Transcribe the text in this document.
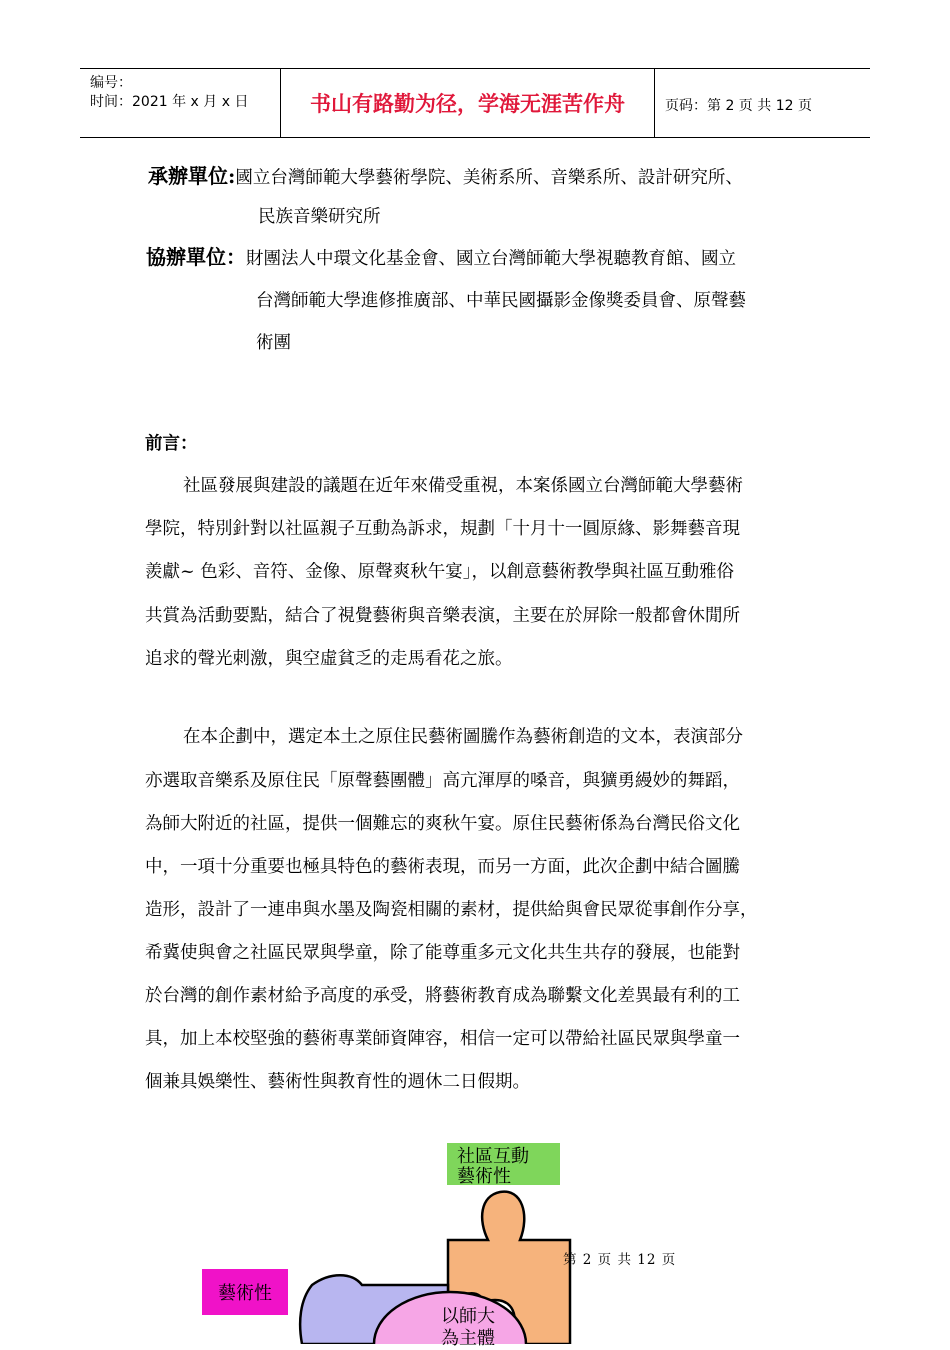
编号：
时间：2021 年 x 月 x 日	书山有路勤为径，学海无涯苦作舟	页码：第 2 页 共 12 页
承辦單位:國立台灣師範大學藝術學院、美術系所、音樂系所、設計研究所、
民族音樂研究所
協辦單位：財團法人中環文化基金會、國立台灣師範大學視聽教育館、國立
台灣師範大學進修推廣部、中華民國攝影金像獎委員會、原聲藝
術團
前言：
社區發展與建設的議題在近年來備受重視，本案係國立台灣師範大學藝術
學院，特別針對以社區親子互動為訴求，規劃「十月十一圓原緣、影舞藝音現
羨獻~ 色彩、音符、金像、原聲爽秋午宴」，以創意藝術教學與社區互動雅俗
共賞為活動要點，結合了視覺藝術與音樂表演，主要在於屏除一般都會休閒所
追求的聲光刺激，與空虛貧乏的走馬看花之旅。
在本企劃中，選定本土之原住民藝術圖騰作為藝術創造的文本，表演部分
亦選取音樂系及原住民「原聲藝團體」高亢渾厚的嗓音，與獷勇縵妙的舞蹈，
為師大附近的社區，提供一個難忘的爽秋午宴。原住民藝術係為台灣民俗文化
中，一項十分重要也極具特色的藝術表現，而另一方面，此次企劃中結合圖騰
造形，設計了一連串與水墨及陶瓷相關的素材，提供給與會民眾從事創作分享，
希冀使與會之社區民眾與學童，除了能尊重多元文化共生共存的發展，也能對
於台灣的創作素材給予高度的承受，將藝術教育成為聯繫文化差異最有利的工
具，加上本校堅強的藝術專業師資陣容，相信一定可以帶給社區民眾與學童一
個兼具娛樂性、藝術性與教育性的週休二日假期。
社區互動
藝術性
藝術性
以師大
為主體
第 2 页 共 12 页
